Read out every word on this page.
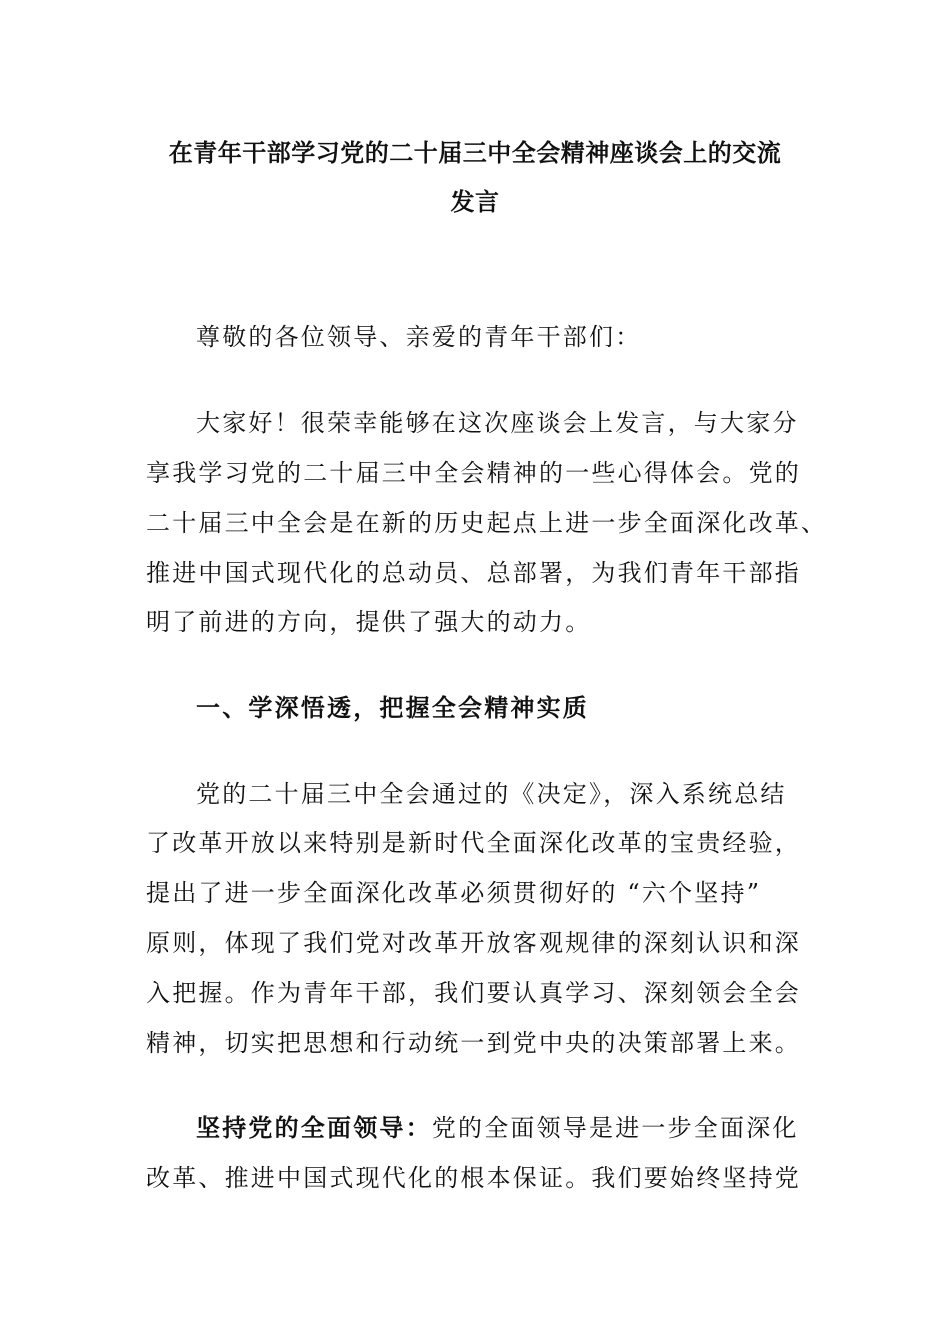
在青年干部学习党的二十届三中全会精神座谈会上的交流
发言
尊敬的各位领导、亲爱的青年干部们：
大家好！很荣幸能够在这次座谈会上发言，与大家分
享我学习党的二十届三中全会精神的一些心得体会。党的
二十届三中全会是在新的历史起点上进一步全面深化改革、
推进中国式现代化的总动员、总部署，为我们青年干部指
明了前进的方向，提供了强大的动力。
一、学深悟透，把握全会精神实质
党的二十届三中全会通过的《决定》，深入系统总结
了改革开放以来特别是新时代全面深化改革的宝贵经验，
提出了进一步全面深化改革必须贯彻好的 “六个坚持”
原则，体现了我们党对改革开放客观规律的深刻认识和深
入把握。作为青年干部，我们要认真学习、深刻领会全会
精神，切实把思想和行动统一到党中央的决策部署上来。
坚持党的全面领导：党的全面领导是进一步全面深化
改革、推进中国式现代化的根本保证。我们要始终坚持党
